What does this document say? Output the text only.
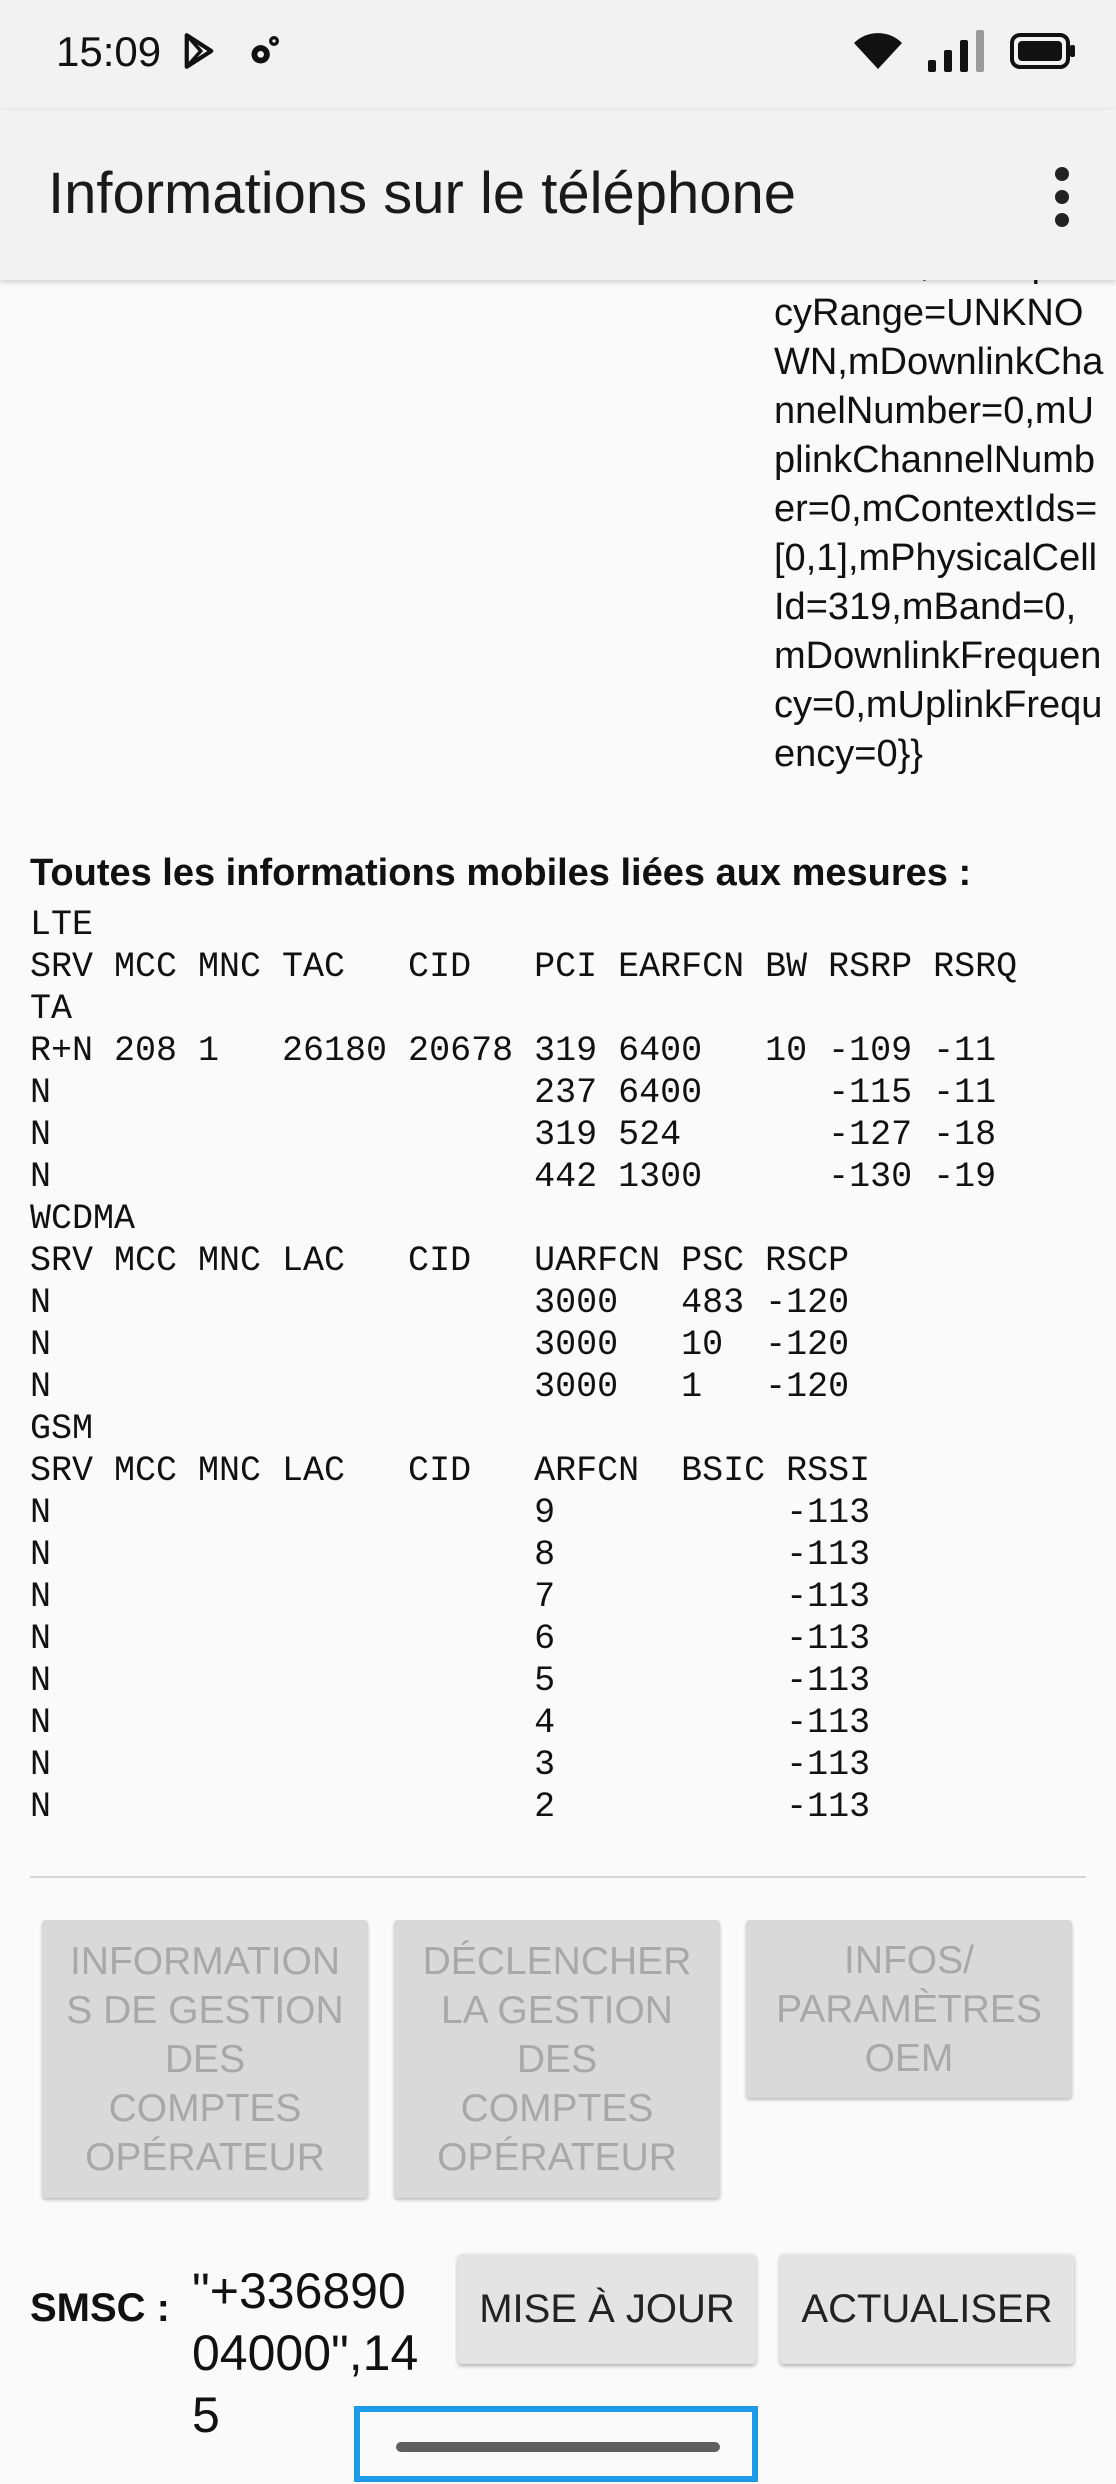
15:09
Informations sur le téléphone
cyRange=UNKNOWN,mDownlinkChannelNumber=0,mUplinkChannelNumber=0,mContextIds=[0,1],mPhysicalCellId=319,mBand=0,mDownlinkFrequency=0,mUplinkFrequency=0}}
Toutes les informations mobiles liées aux mesures :
LTE
SRV MCC MNC TAC   CID   PCI EARFCN BW RSRP RSRQ
TA
R+N 208 1   26180 20678 319 6400   10 -109 -11
N                       237 6400      -115 -11
N                       319 524       -127 -18
N                       442 1300      -130 -19
WCDMA
SRV MCC MNC LAC   CID   UARFCN PSC RSCP
N                       3000   483 -120
N                       3000   10  -120
N                       3000   1   -120
GSM
SRV MCC MNC LAC   CID   ARFCN  BSIC RSSI
N                       9           -113
N                       8           -113
N                       7           -113
N                       6           -113
N                       5           -113
N                       4           -113
N                       3           -113
N                       2           -113
INFORMATION
S DE GESTION
DES
COMPTES
OPÉRATEUR
DÉCLENCHER
LA GESTION
DES
COMPTES
OPÉRATEUR
INFOS/
PARAMÈTRES
OEM
SMSC : "+33689004000",145
MISE À JOUR	ACTUALISER
